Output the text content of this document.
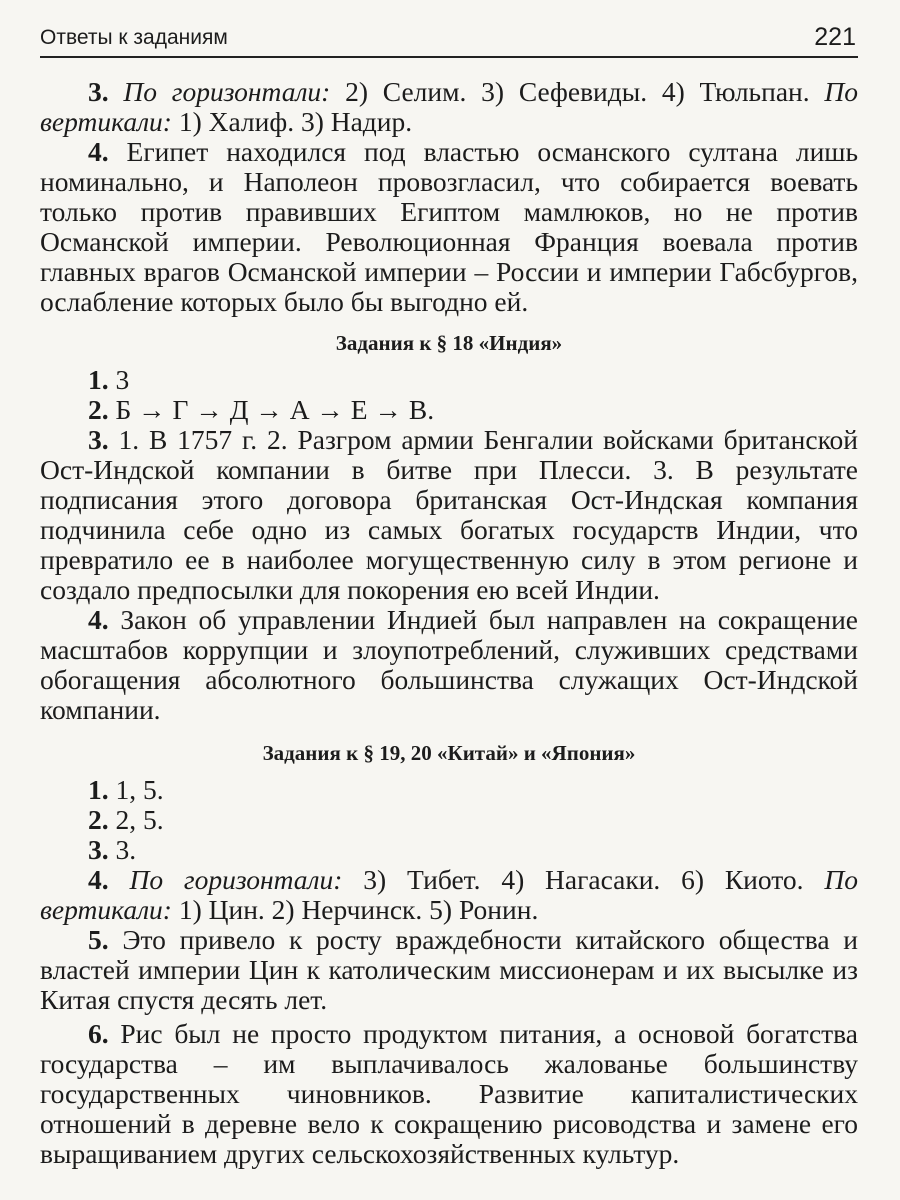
Ответы к заданиям	221

3. По горизонтали: 2) Селим. 3) Сефевиды. 4) Тюльпан. По вертикали: 1) Халиф. 3) Надир.

4. Египет находился под властью османского султана лишь номинально, и Наполеон провозгласил, что собирается воевать только против правивших Египтом мамлюков, но не против Османской империи. Революционная Франция воевала против главных врагов Османской империи – России и империи Габсбургов, ослабление которых было бы выгодно ей.

Задания к § 18 «Индия»

1. 3

2. Б → Г → Д → А → Е → В.

3. 1. В 1757 г. 2. Разгром армии Бенгалии войсками британской Ост-Индской компании в битве при Плесси. 3. В результате подписания этого договора британская Ост-Индская компания подчинила себе одно из самых богатых государств Индии, что превратило ее в наиболее могущественную силу в этом регионе и создало предпосылки для покорения ею всей Индии.

4. Закон об управлении Индией был направлен на сокращение масштабов коррупции и злоупотреблений, служивших средствами обогащения абсолютного большинства служащих Ост-Индской компании.

Задания к § 19, 20 «Китай» и «Япония»

1. 1, 5.

2. 2, 5.

3. 3.

4. По горизонтали: 3) Тибет. 4) Нагасаки. 6) Киото. По вертикали: 1) Цин. 2) Нерчинск. 5) Ронин.

5. Это привело к росту враждебности китайского общества и властей империи Цин к католическим миссионерам и их высылке из Китая спустя десять лет.

6. Рис был не просто продуктом питания, а основой богатства государства – им выплачивалось жалованье большинству государственных чиновников. Развитие капиталистических отношений в деревне вело к сокращению рисоводства и замене его выращиванием других сельскохозяйственных культур.
